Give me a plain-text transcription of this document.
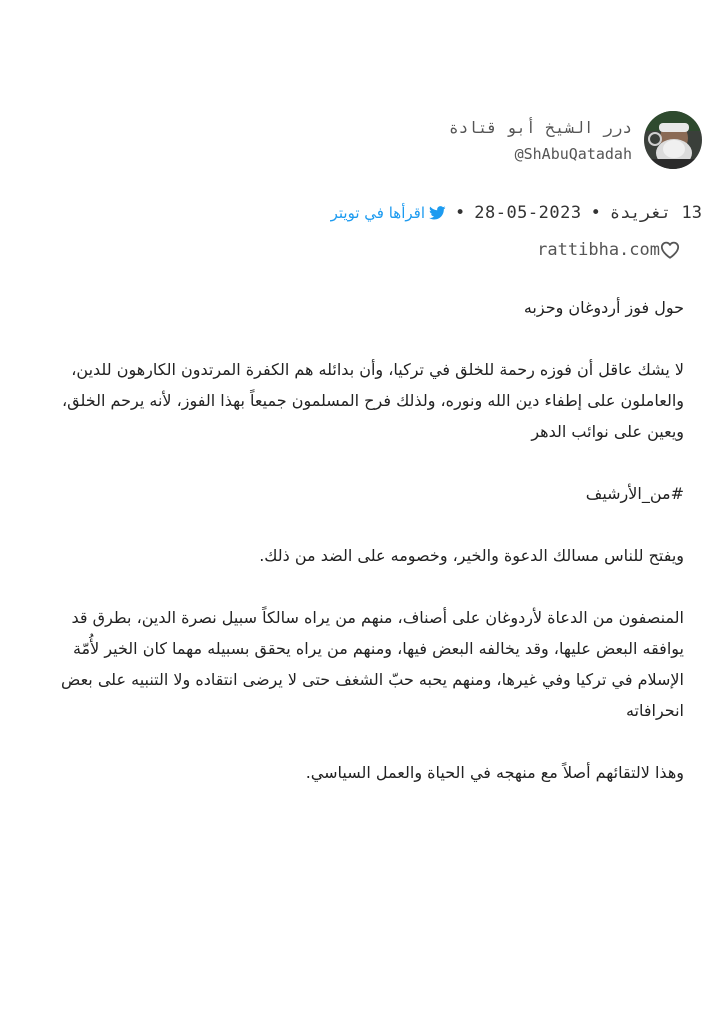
درر الشيخ أبو قتادة
@ShAbuQatadah
13

تغريدة
•
28-05-2023
•
اقرأها في تويتر
rattibha.com

حول فوز أردوغان وحزبه

لا يشك عاقل أن فوزه رحمة للخلق في تركيا، وأن بدائله هم الكفرة المرتدون الكارهون للدين، والعاملون على إطفاء دين الله ونوره، ولذلك فرح المسلمون جميعاً بهذا الفوز، لأنه يرحم الخلق، ويعين على نوائب الدهر

#من_الأرشيف

ويفتح للناس مسالك الدعوة والخير، وخصومه على الضد من ذلك.

المنصفون من الدعاة لأردوغان على أصناف، منهم من يراه سالكاً سبيل نصرة الدين، بطرق قد يوافقه البعض عليها، وقد يخالفه البعض فيها، ومنهم من يراه يحقق بسبيله مهما كان الخير لأُمّة الإسلام في تركيا وفي غيرها، ومنهم يحبه حبّ الشغف حتى لا يرضى انتقاده ولا التنبيه على بعض انحرافاته

وهذا لالتقائهم أصلاً مع منهجه في الحياة والعمل السياسي.
